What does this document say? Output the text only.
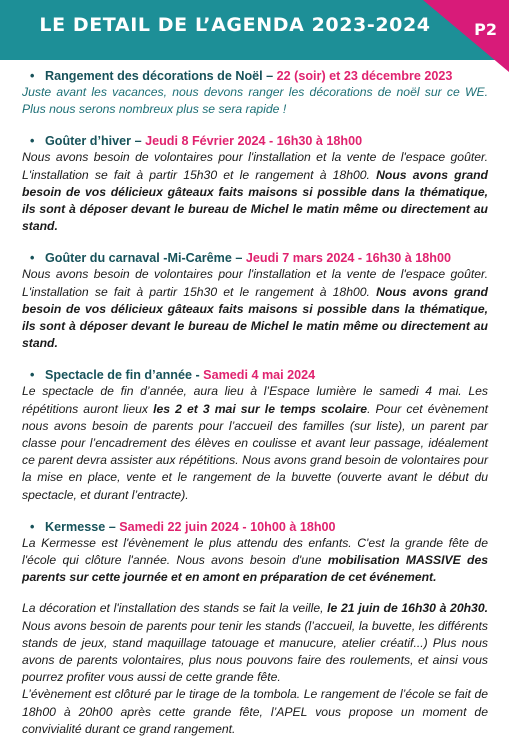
LE DETAIL DE L’AGENDA 2023-2024	P2
• Rangement des décorations de Noël – 22 (soir) et 23 décembre 2023

Juste avant les vacances, nous devons ranger les décorations de noël sur ce WE. Plus nous serons nombreux plus se sera rapide !

• Goûter d’hiver – Jeudi 8 Février 2024 - 16h30 à 18h00

Nous avons besoin de volontaires pour l'installation et la vente de l'espace goûter. L'installation se fait à partir 15h30 et le rangement à 18h00. Nous avons grand besoin de vos délicieux gâteaux faits maisons si possible dans la thématique, ils sont à déposer devant le bureau de Michel le matin même ou directement au stand.

• Goûter du carnaval -Mi-Carême – Jeudi 7 mars 2024 - 16h30 à 18h00

Nous avons besoin de volontaires pour l'installation et la vente de l'espace goûter. L'installation se fait à partir 15h30 et le rangement à 18h00. Nous avons grand besoin de vos délicieux gâteaux faits maisons si possible dans la thématique, ils sont à déposer devant le bureau de Michel le matin même ou directement au stand.

• Spectacle de fin d’année - Samedi 4 mai 2024

Le spectacle de fin d’année, aura lieu à l’Espace lumière le samedi 4 mai. Les répétitions auront lieux les 2 et 3 mai sur le temps scolaire. Pour cet évènement nous avons besoin de parents pour l’accueil des familles (sur liste), un parent par classe pour l’encadrement des élèves en coulisse et avant leur passage, idéalement ce parent devra assister aux répétitions. Nous avons grand besoin de volontaires pour la mise en place, vente et le rangement de la buvette (ouverte avant le début du spectacle, et durant l’entracte).

• Kermesse – Samedi 22 juin 2024 - 10h00 à 18h00

La Kermesse est l'évènement le plus attendu des enfants. C'est la grande fête de l'école qui clôture l'année. Nous avons besoin d'une mobilisation MASSIVE des parents sur cette journée et en amont en préparation de cet événement.

La décoration et l'installation des stands se fait la veille, le 21 juin de 16h30 à 20h30. Nous avons besoin de parents pour tenir les stands (l’accueil, la buvette, les différents stands de jeux, stand maquillage tatouage et manucure, atelier créatif...) Plus nous avons de parents volontaires, plus nous pouvons faire des roulements, et ainsi vous pourrez profiter vous aussi de cette grande fête.

L’évènement est clôturé par le tirage de la tombola. Le rangement de l’école se fait de 18h00 à 20h00 après cette grande fête, l’APEL vous propose un moment de convivialité durant ce grand rangement.
